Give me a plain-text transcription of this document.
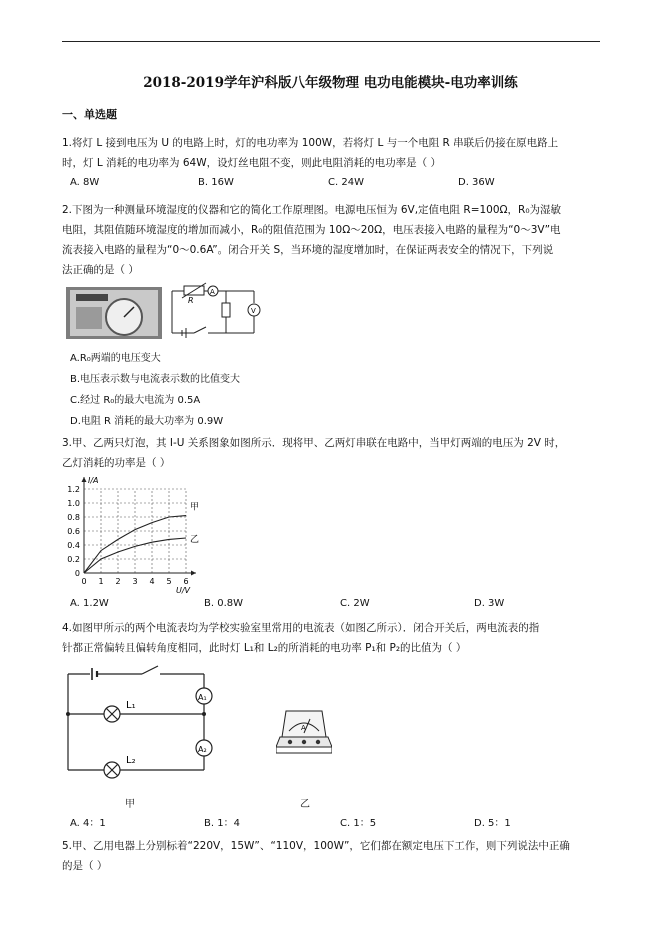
2018-2019学年沪科版八年级物理 电功电能模块-电功率训练
一、单选题
1.将灯 L 接到电压为 U 的电路上时，灯的电功率为 100W，若将灯 L 与一个电阻 R 串联后仍接在原电路上
时，灯 L 消耗的电功率为 64W，设灯丝电阻不变，则此电阻消耗的电功率是（ ）
A. 8W	B. 16W	C. 24W	D. 36W
2.下图为一种测量环境湿度的仪器和它的简化工作原理图。电源电压恒为 6V,定值电阻 R=100Ω，R₀为湿敏
电阻，其阻值随环境湿度的增加而减小，R₀的阻值范围为 10Ω～20Ω，电压表接入电路的量程为“0～3V”电
流表接入电路的量程为“0～0.6A”。闭合开关 S，当环境的湿度增加时，在保证两表安全的情况下，下列说
法正确的是（ ）
R
A
V
A.R₀两端的电压变大
B.电压表示数与电流表示数的比值变大
C.经过 R₀的最大电流为 0.5A
D.电阻 R 消耗的最大功率为 0.9W
3.甲、乙两只灯泡，其 I-U 关系图象如图所示．现将甲、乙两灯串联在电路中，当甲灯两端的电压为 2V 时，
乙灯消耗的功率是（ ）
0 1 2 3 4 5 6
0
0.2
0.4
0.6
0.8
1.0
1.2
甲
乙
I/A
U/V
A. 1.2W	B. 0.8W	C. 2W	D. 3W
4.如图甲所示的两个电流表均为学校实验室里常用的电流表（如图乙所示）．闭合开关后，两电流表的指
针都正常偏转且偏转角度相同，此时灯 L₁和 L₂的所消耗的电功率 P₁和 P₂的比值为（ ）
L₁
L₂
A₁
A₂
甲
A
乙
A. 4：1	B. 1：4	C. 1：5	D. 5：1
5.甲、乙用电器上分别标着“220V，15W”、“110V，100W”，它们都在额定电压下工作，则下列说法中正确
的是（ ）
